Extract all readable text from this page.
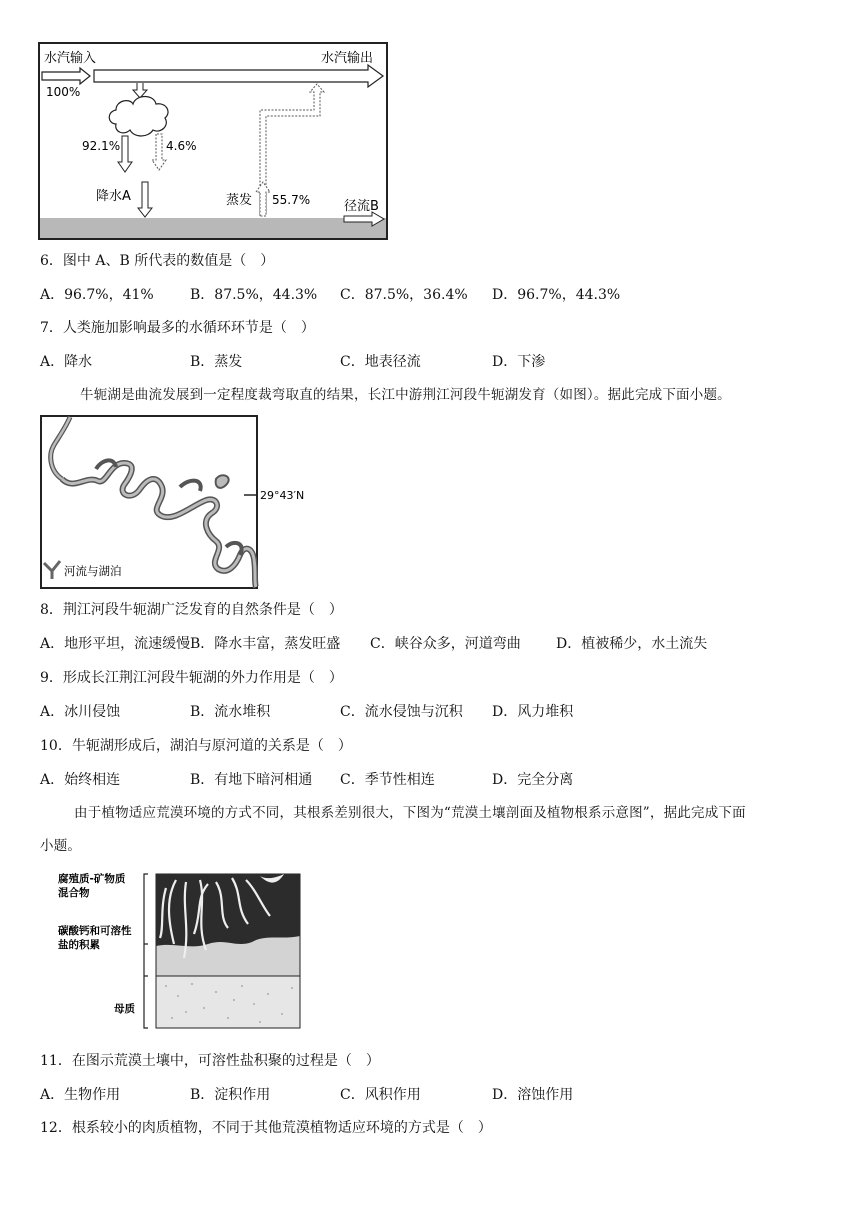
水汽输入	水汽输出
100%
92.1%	4.6%
降水A	蒸发 55.7%	径流B
6．图中 A、B 所代表的数值是（　）
A．96.7%，41%	B．87.5%，44.3% C．87.5%，36.4% D．96.7%，44.3%
7．人类施加影响最多的水循环环节是（　）
A．降水	B．蒸发	C．地表径流	D．下渗
牛轭湖是曲流发展到一定程度裁弯取直的结果，长江中游荆江河段牛轭湖发育（如图）。据此完成下面小题。
29°43′N
河流与湖泊
8．荆江河段牛轭湖广泛发育的自然条件是（　）
A．地形平坦，流速缓慢 B．降水丰富，蒸发旺盛 C．峡谷众多，河道弯曲	D．植被稀少，水土流失
9．形成长江荆江河段牛轭湖的外力作用是（　）
A．冰川侵蚀	B．流水堆积	C．流水侵蚀与沉积 D．风力堆积
10．牛轭湖形成后，湖泊与原河道的关系是（　）
A．始终相连	B．有地下暗河相通 C．季节性相连	D．完全分离
由于植物适应荒漠环境的方式不同，其根系差别很大，下图为“荒漠土壤剖面及植物根系示意图”，据此完成下面
小题。
腐殖质-矿物质
混合物
碳酸钙和可溶性
盐的积累
母质
11．在图示荒漠土壤中，可溶性盐积聚的过程是（　）
A．生物作用	B．淀积作用	C．风积作用	D．溶蚀作用
12．根系较小的肉质植物，不同于其他荒漠植物适应环境的方式是（　）
